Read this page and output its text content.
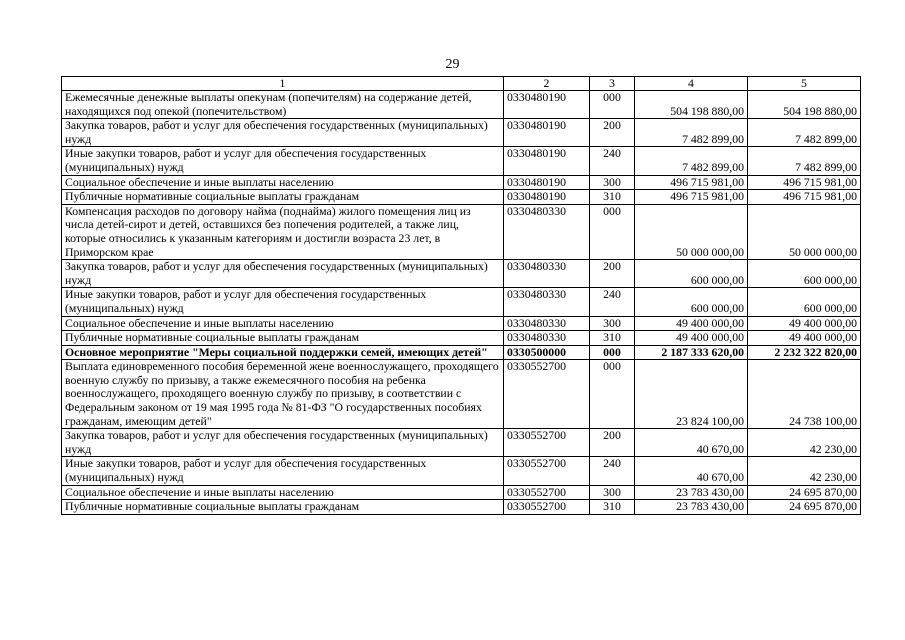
29
1	2	3	4	5
Ежемесячные денежные выплаты опекунам (попечителям) на содержание детей, находящихся под опекой (попечительством)	0330480190	000	504 198 880,00	504 198 880,00
Закупка товаров, работ и услуг для обеспечения государственных (муниципальных) нужд	0330480190	200	7 482 899,00	7 482 899,00
Иные закупки товаров, работ и услуг для обеспечения государственных (муниципальных) нужд	0330480190	240	7 482 899,00	7 482 899,00
Социальное обеспечение и иные выплаты населению	0330480190	300	496 715 981,00	496 715 981,00
Публичные нормативные социальные выплаты гражданам	0330480190	310	496 715 981,00	496 715 981,00
Компенсация расходов по договору найма (поднайма) жилого помещения лиц из числа детей-сирот и детей, оставшихся без попечения родителей, а также лиц, которые относились к указанным категориям и достигли возраста 23 лет, в Приморском крае	0330480330	000	50 000 000,00	50 000 000,00
Закупка товаров, работ и услуг для обеспечения государственных (муниципальных) нужд	0330480330	200	600 000,00	600 000,00
Иные закупки товаров, работ и услуг для обеспечения государственных (муниципальных) нужд	0330480330	240	600 000,00	600 000,00
Социальное обеспечение и иные выплаты населению	0330480330	300	49 400 000,00	49 400 000,00
Публичные нормативные социальные выплаты гражданам	0330480330	310	49 400 000,00	49 400 000,00
Основное мероприятие "Меры социальной поддержки семей, имеющих детей"	0330500000	000	2 187 333 620,00	2 232 322 820,00
Выплата единовременного пособия беременной жене военнослужащего, проходящего военную службу по призыву, а также ежемесячного пособия на ребенка военнослужащего, проходящего военную службу по призыву, в соответствии с Федеральным законом от 19 мая 1995 года № 81-ФЗ "О государственных пособиях гражданам, имеющим детей"	0330552700	000	23 824 100,00	24 738 100,00
Закупка товаров, работ и услуг для обеспечения государственных (муниципальных) нужд	0330552700	200	40 670,00	42 230,00
Иные закупки товаров, работ и услуг для обеспечения государственных (муниципальных) нужд	0330552700	240	40 670,00	42 230,00
Социальное обеспечение и иные выплаты населению	0330552700	300	23 783 430,00	24 695 870,00
Публичные нормативные социальные выплаты гражданам	0330552700	310	23 783 430,00	24 695 870,00
